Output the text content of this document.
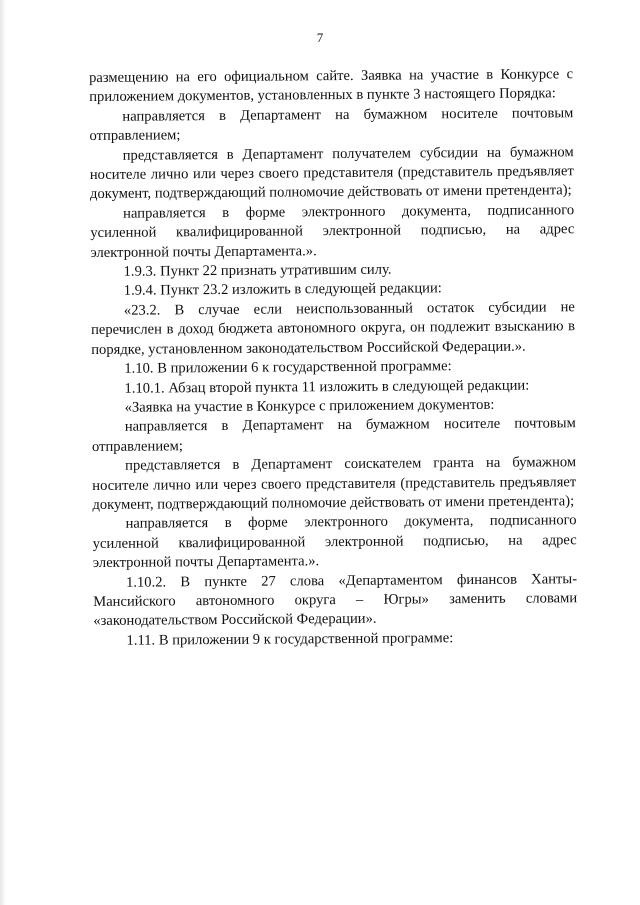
7

размещению на его официальном сайте. Заявка на участие в Конкурсе с приложением документов, установленных в пункте 3 настоящего Порядка:

направляется в Департамент на бумажном носителе почтовым отправлением;

представляется в Департамент получателем субсидии на бумажном носителе лично или через своего представителя (представитель предъявляет документ, подтверждающий полномочие действовать от имени претендента);

направляется в форме электронного документа, подписанного усиленной квалифицированной электронной подписью, на адрес электронной почты Департамента.».

1.9.3. Пункт 22 признать утратившим силу.

1.9.4. Пункт 23.2 изложить в следующей редакции:

«23.2. В случае если неиспользованный остаток субсидии не перечислен в доход бюджета автономного округа, он подлежит взысканию в порядке, установленном законодательством Российской Федерации.».

1.10. В приложении 6 к государственной программе:

1.10.1. Абзац второй пункта 11 изложить в следующей редакции:

«Заявка на участие в Конкурсе с приложением документов:

направляется в Департамент на бумажном носителе почтовым отправлением;

представляется в Департамент соискателем гранта на бумажном носителе лично или через своего представителя (представитель предъявляет документ, подтверждающий полномочие действовать от имени претендента);

направляется в форме электронного документа, подписанного усиленной квалифицированной электронной подписью, на адрес электронной почты Департамента.».

1.10.2. В пункте 27 слова «Департаментом финансов Ханты-Мансийского автономного округа – Югры» заменить словами «законодательством Российской Федерации».

1.11. В приложении 9 к государственной программе:
